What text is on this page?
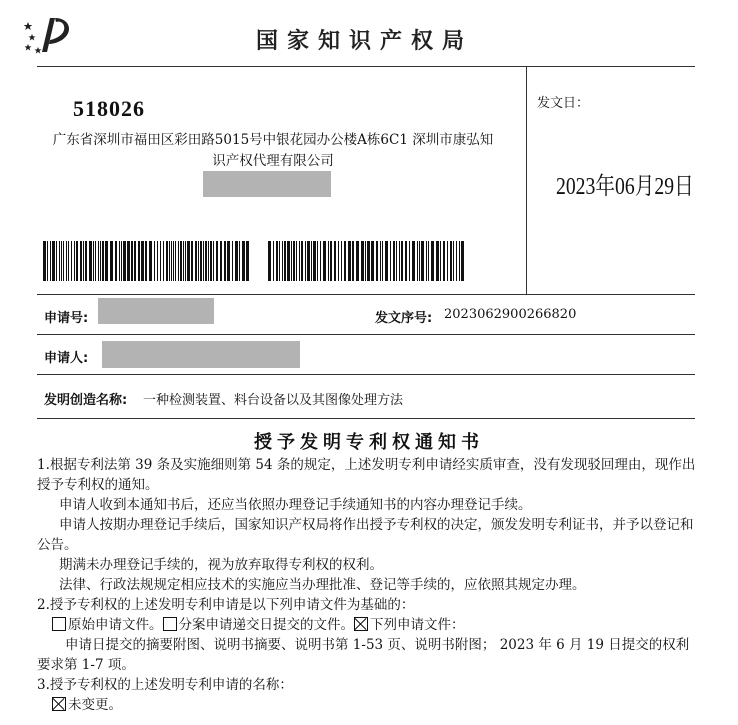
国家知识产权局
518026
广东省深圳市福田区彩田路5015号中银花园办公楼A栋6C1 深圳市康弘知识产权代理有限公司
发文日：
2023年06月29日
申请号:	发文序号: 2023062900266820
申请人:
发明创造名称: 一种检测装置、料台设备以及其图像处理方法
授予发明专利权通知书

1.根据专利法第 39 条及实施细则第 54 条的规定，上述发明专利申请经实质审查，没有发现驳回理由，现作出授予专利权的通知。

申请人收到本通知书后，还应当依照办理登记手续通知书的内容办理登记手续。

申请人按期办理登记手续后，国家知识产权局将作出授予专利权的决定，颁发发明专利证书，并予以登记和公告。

期满未办理登记手续的，视为放弃取得专利权的权利。

法律、行政法规规定相应技术的实施应当办理批准、登记等手续的，应依照其规定办理。

2.授予专利权的上述发明专利申请是以下列申请文件为基础的：

原始申请文件。 分案申请递交日提交的文件。 下列申请文件：

申请日提交的摘要附图、说明书摘要、说明书第 1-53 页、说明书附图； 2023 年 6 月 19 日提交的权利要求第 1-7 项。

3.授予专利权的上述发明专利申请的名称：

未变更。
